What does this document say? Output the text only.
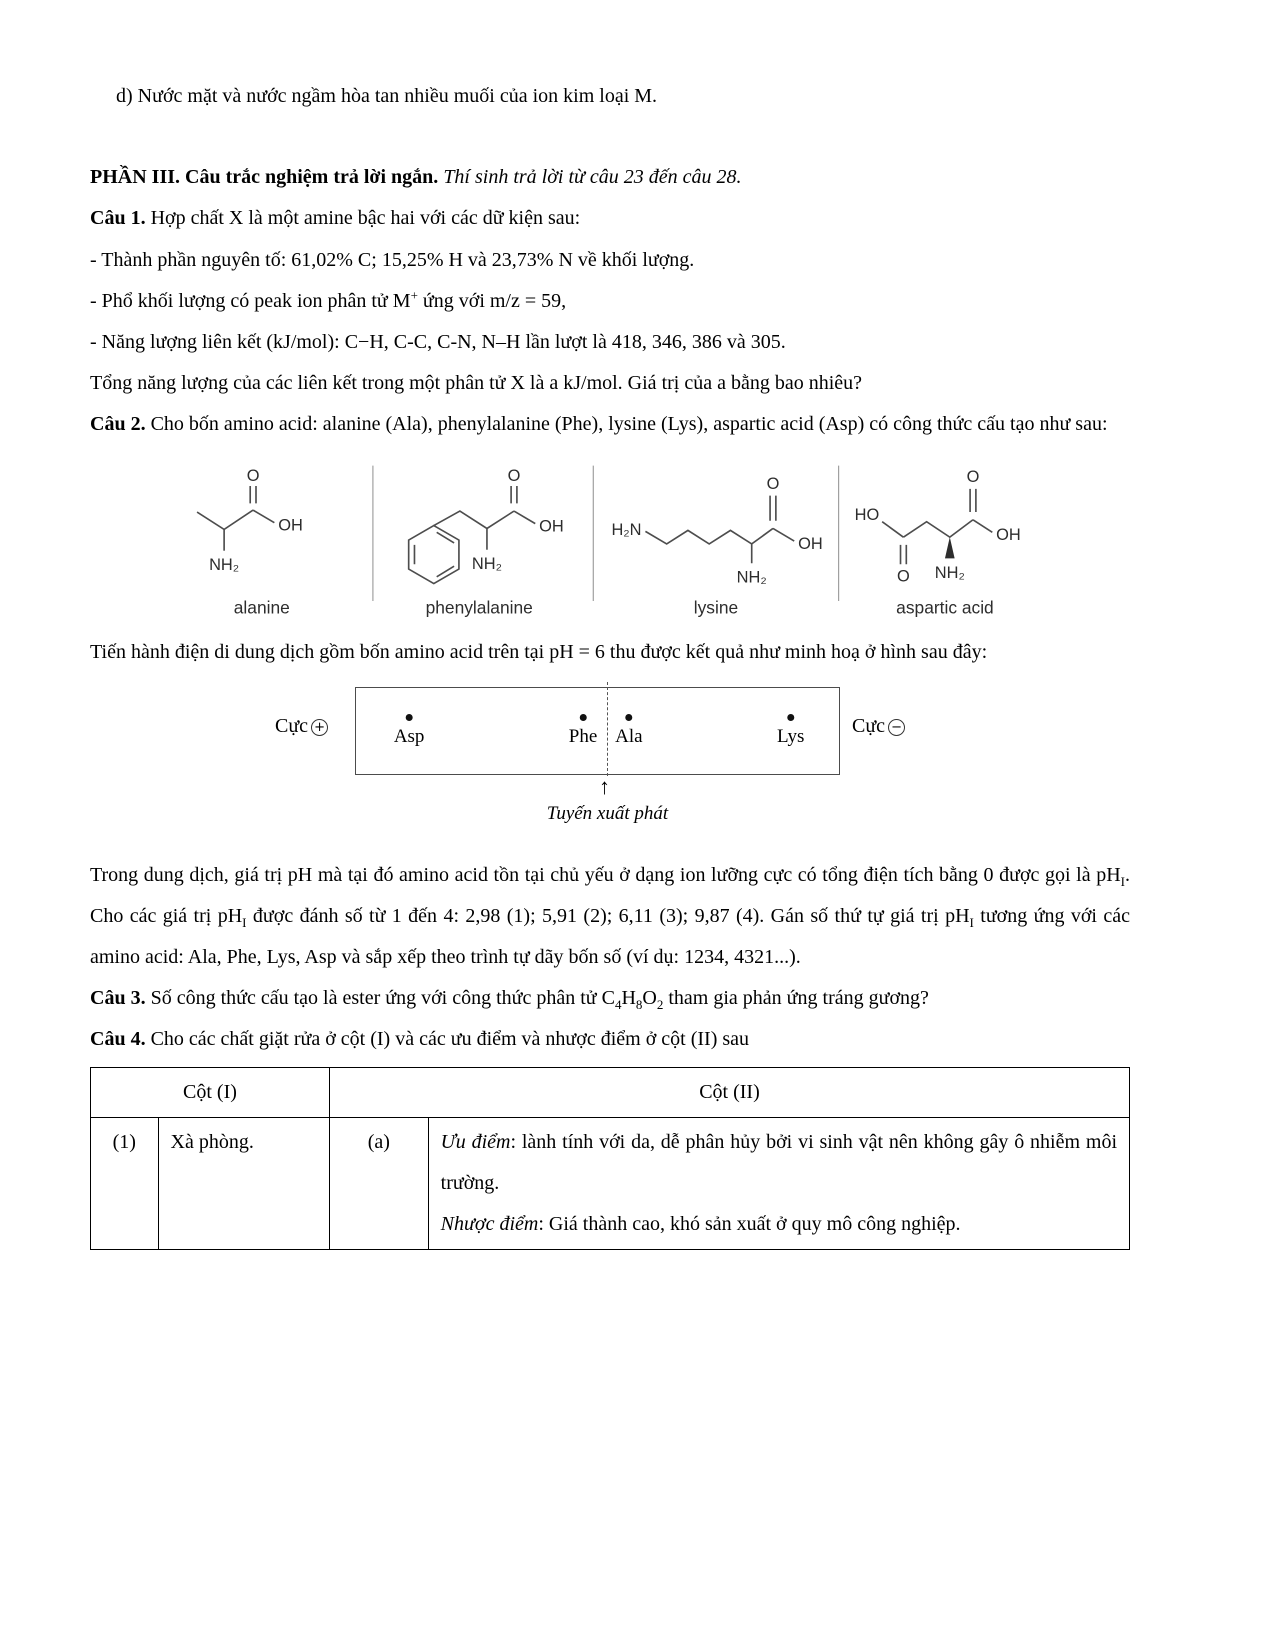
d) Nước mặt và nước ngầm hòa tan nhiều muối của ion kim loại M.

PHẦN III. Câu trắc nghiệm trả lời ngắn. Thí sinh trả lời từ câu 23 đến câu 28.

Câu 1. Hợp chất X là một amine bậc hai với các dữ kiện sau:

- Thành phần nguyên tố: 61,02% C; 15,25% H và 23,73% N về khối lượng.

- Phổ khối lượng có peak ion phân tử M+ ứng với m/z = 59,

- Năng lượng liên kết (kJ/mol): C−H, C-C, C-N, N–H lần lượt là 418, 346, 386 và 305.

Tổng năng lượng của các liên kết trong một phân tử X là a kJ/mol. Giá trị của a bằng bao nhiêu?

Câu 2. Cho bốn amino acid: alanine (Ala), phenylalanine (Phe), lysine (Lys), aspartic acid (Asp) có công thức cấu tạo như sau:

O
OH
NH₂
alanine
O
OH
NH₂
phenylalanine
H₂N
O
OH
NH₂
lysine
HO
O
O
OH
NH₂
aspartic acid

Tiến hành điện di dung dịch gồm bốn amino acid trên tại pH = 6 thu được kết quả như minh hoạ ở hình sau đây:

Cực +	Asp	Phe Ala	Lys Cực −
↑
Tuyến xuất phát

Trong dung dịch, giá trị pH mà tại đó amino acid tồn tại chủ yếu ở dạng ion lưỡng cực có tổng điện tích bằng 0 được gọi là $pH_I$. Cho các giá trị $pH_I$ được đánh số từ 1 đến 4: 2,98 (1); 5,91 (2); 6,11 (3); 9,87 (4). Gán số thứ tự giá trị $pH_I$ tương ứng với các amino acid: Ala, Phe, Lys, Asp và sắp xếp theo trình tự dãy bốn số (ví dụ: 1234, 4321...).

Câu 3. Số công thức cấu tạo là ester ứng với công thức phân tử $C_4H_8O_2$ tham gia phản ứng tráng gương?

Câu 4. Cho các chất giặt rửa ở cột (I) và các ưu điểm và nhược điểm ở cột (II) sau

Cột (I)		Cột (II)	
(1)	Xà phòng.	(a)	Ưu điểm: lành tính với da, dễ phân hủy bởi vi sinh vật nên không gây ô nhiễm môi trường.
Nhược điểm: Giá thành cao, khó sản xuất ở quy mô công nghiệp.
